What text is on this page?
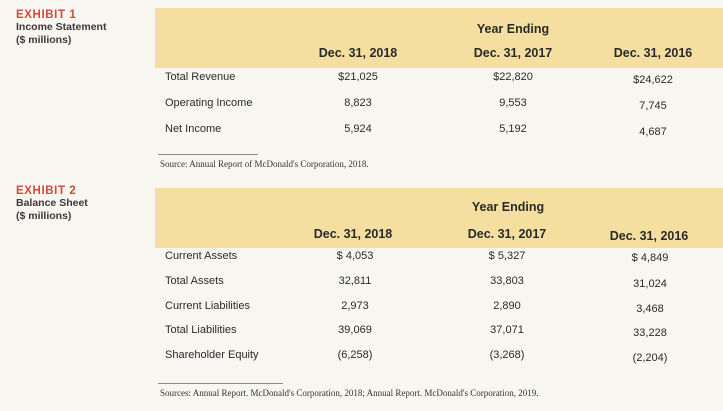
EXHIBIT 1
Income Statement
($ millions)
Year Ending
Dec. 31, 2018	Dec. 31, 2017	Dec. 31, 2016
Total Revenue	$21,025	$22,820	$24,622
Operating Income	8,823	9,553	7,745
Net Income	5,924	5,192	4,687
Source: Annual Report of McDonald's Corporation, 2018.
EXHIBIT 2
Balance Sheet
($ millions)
Year Ending
Dec. 31, 2018	Dec. 31, 2017	Dec. 31, 2016
Current Assets	$ 4,053	$ 5,327	$ 4,849
Total Assets	32,811	33,803	31,024
Current Liabilities	2,973	2,890	3,468
Total Liabilities	39,069	37,071	33,228
Shareholder Equity	(6,258)	(3,268)	(2,204)
Sources: Annual Report. McDonald's Corporation, 2018; Annual Report. McDonald's Corporation, 2019.
